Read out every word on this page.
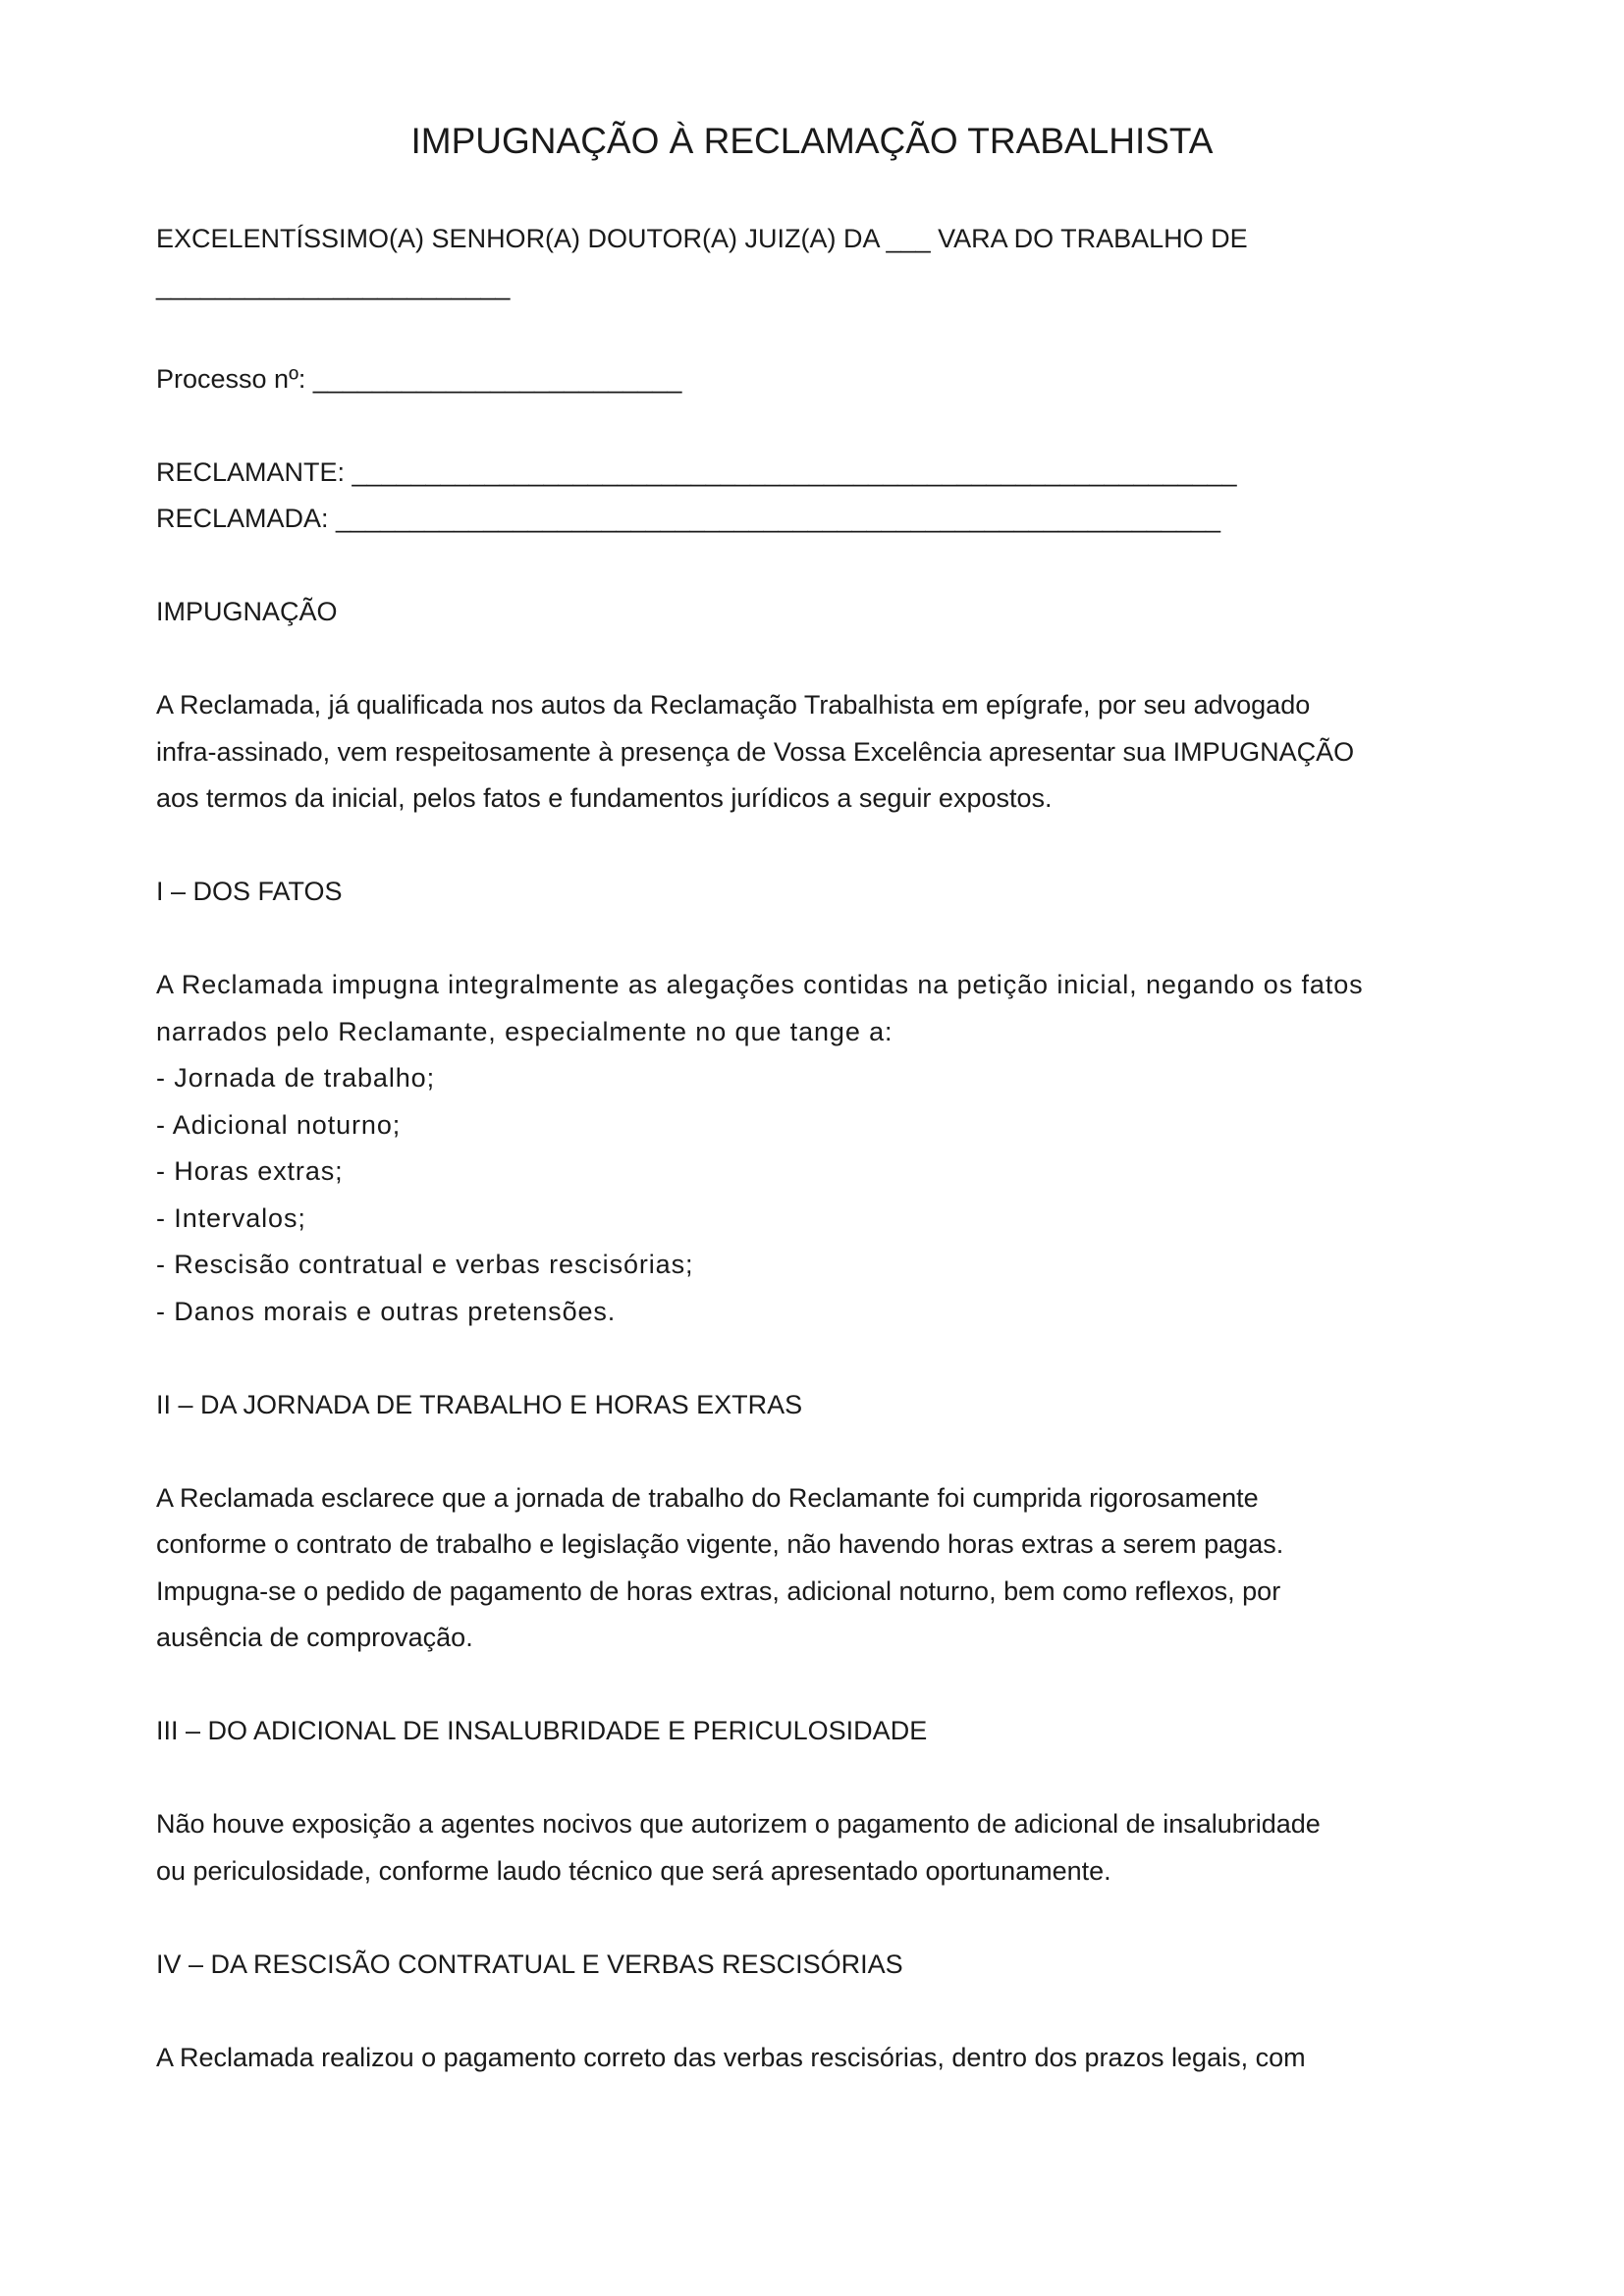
IMPUGNAÇÃO À RECLAMAÇÃO TRABALHISTA

EXCELENTÍSSIMO(A) SENHOR(A) DOUTOR(A) JUIZ(A) DA ___ VARA DO TRABALHO DE

________________________

Processo nº: _________________________

RECLAMANTE: ____________________________________________________________

RECLAMADA: ____________________________________________________________

IMPUGNAÇÃO

A Reclamada, já qualificada nos autos da Reclamação Trabalhista em epígrafe, por seu advogado

infra-assinado, vem respeitosamente à presença de Vossa Excelência apresentar sua IMPUGNAÇÃO

aos termos da inicial, pelos fatos e fundamentos jurídicos a seguir expostos.

I – DOS FATOS

A Reclamada impugna integralmente as alegações contidas na petição inicial, negando os fatos

narrados pelo Reclamante, especialmente no que tange a:

- Jornada de trabalho;

- Adicional noturno;

- Horas extras;

- Intervalos;

- Rescisão contratual e verbas rescisórias;

- Danos morais e outras pretensões.

II – DA JORNADA DE TRABALHO E HORAS EXTRAS

A Reclamada esclarece que a jornada de trabalho do Reclamante foi cumprida rigorosamente

conforme o contrato de trabalho e legislação vigente, não havendo horas extras a serem pagas.

Impugna-se o pedido de pagamento de horas extras, adicional noturno, bem como reflexos, por

ausência de comprovação.

III – DO ADICIONAL DE INSALUBRIDADE E PERICULOSIDADE

Não houve exposição a agentes nocivos que autorizem o pagamento de adicional de insalubridade

ou periculosidade, conforme laudo técnico que será apresentado oportunamente.

IV – DA RESCISÃO CONTRATUAL E VERBAS RESCISÓRIAS

A Reclamada realizou o pagamento correto das verbas rescisórias, dentro dos prazos legais, com
